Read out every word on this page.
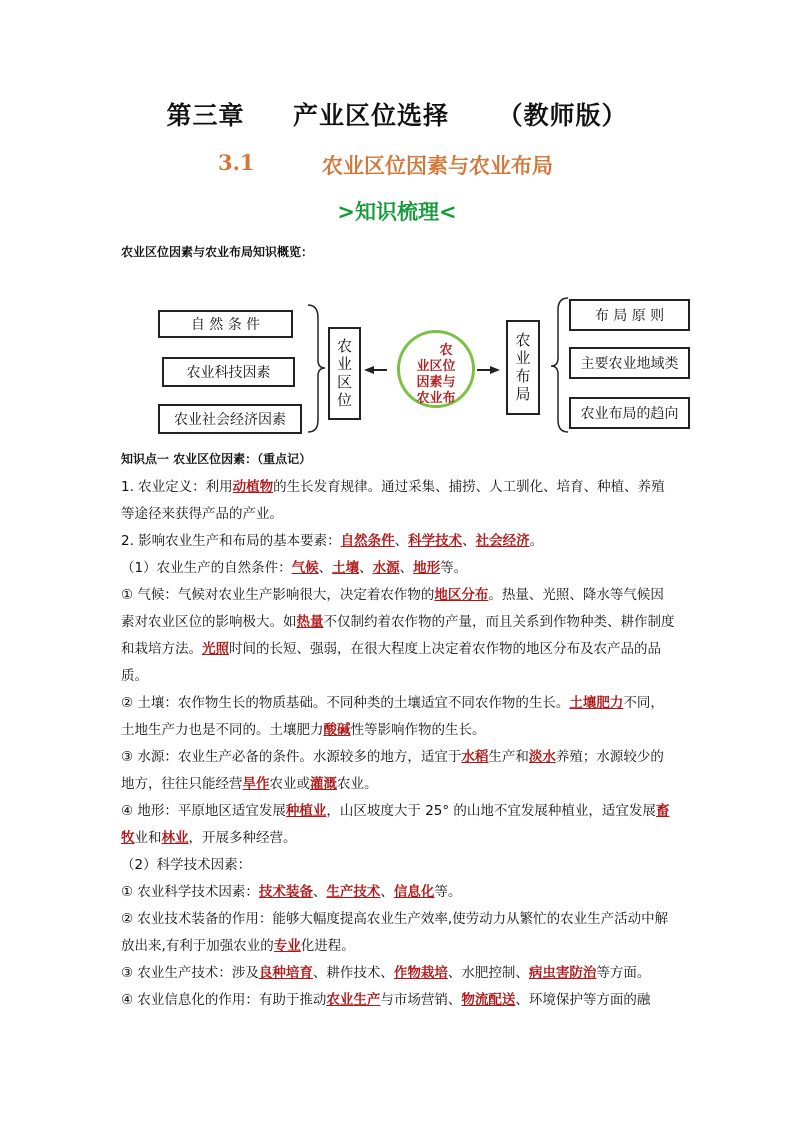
第三章     产业区位选择     （教师版）
3.1	农业区位因素与农业布局
>知识梳理<
农业区位因素与农业布局知识概览：
自 然 条 件
农业科技因素
农业社会经济因素
农业区位	农
业区位
因素与
农业布	农业布局
布 局 原 则
主要农业地域类
农业布局的趋向
知识点一 农业区位因素：（重点记）
1. 农业定义：利用动植物的生长发育规律。通过采集、捕捞、人工驯化、培育、种植、养殖等途径来获得产品的产业。
2. 影响农业生产和布局的基本要素：自然条件、科学技术、社会经济。
（1）农业生产的自然条件：气候、土壤、水源、地形等。
① 气候：气候对农业生产影响很大，决定着农作物的地区分布。热量、光照、降水等气候因素对农业区位的影响极大。如热量不仅制约着农作物的产量，而且关系到作物种类、耕作制度和栽培方法。光照时间的长短、强弱，在很大程度上决定着农作物的地区分布及农产品的品质。
② 土壤：农作物生长的物质基础。不同种类的土壤适宜不同农作物的生长。土壤肥力不同，土地生产力也是不同的。土壤肥力酸碱性等影响作物的生长。
③ 水源：农业生产必备的条件。水源较多的地方，适宜于水稻生产和淡水养殖；水源较少的地方，往往只能经营旱作农业或灌溉农业。
④ 地形：平原地区适宜发展种植业，山区坡度大于 25° 的山地不宜发展种植业，适宜发展畜牧业和林业，开展多种经营。
（2）科学技术因素：
① 农业科学技术因素：技术装备、生产技术、信息化等。
② 农业技术装备的作用：能够大幅度提高农业生产效率,使劳动力从繁忙的农业生产活动中解放出来,有利于加强农业的专业化进程。
③ 农业生产技术：涉及良种培育、耕作技术、作物栽培、水肥控制、病虫害防治等方面。
④ 农业信息化的作用：有助于推动农业生产与市场营销、物流配送、环境保护等方面的融
